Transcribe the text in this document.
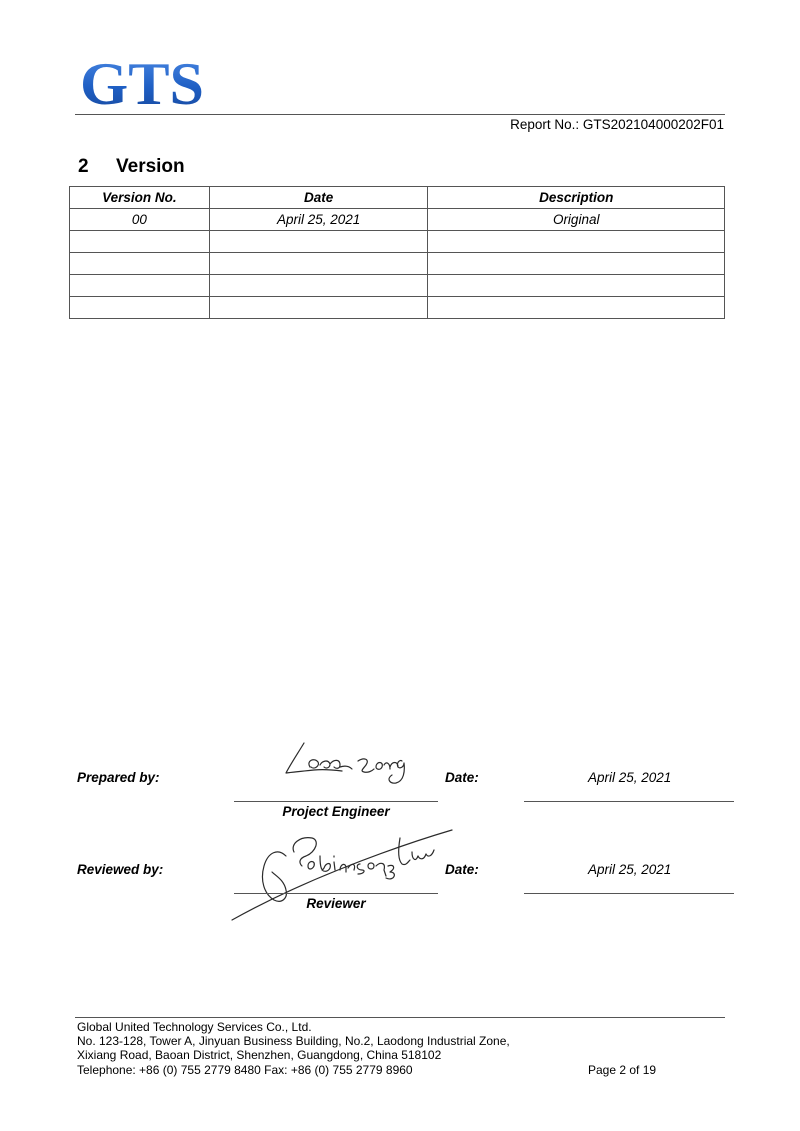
GTS
Report No.: GTS202104000202F01
2 Version
Version No.	Date	Description
00	April 25, 2021	Original

Prepared by:	Date:	April 25, 2021
Project Engineer
Reviewed by:	Date:	April 25, 2021
Reviewer
Global United Technology Services Co., Ltd.
No. 123-128, Tower A, Jinyuan Business Building, No.2, Laodong Industrial Zone,
Xixiang Road, Baoan District, Shenzhen, Guangdong, China 518102
Telephone: +86 (0) 755 2779 8480 Fax: +86 (0) 755 2779 8960	Page 2 of 19
